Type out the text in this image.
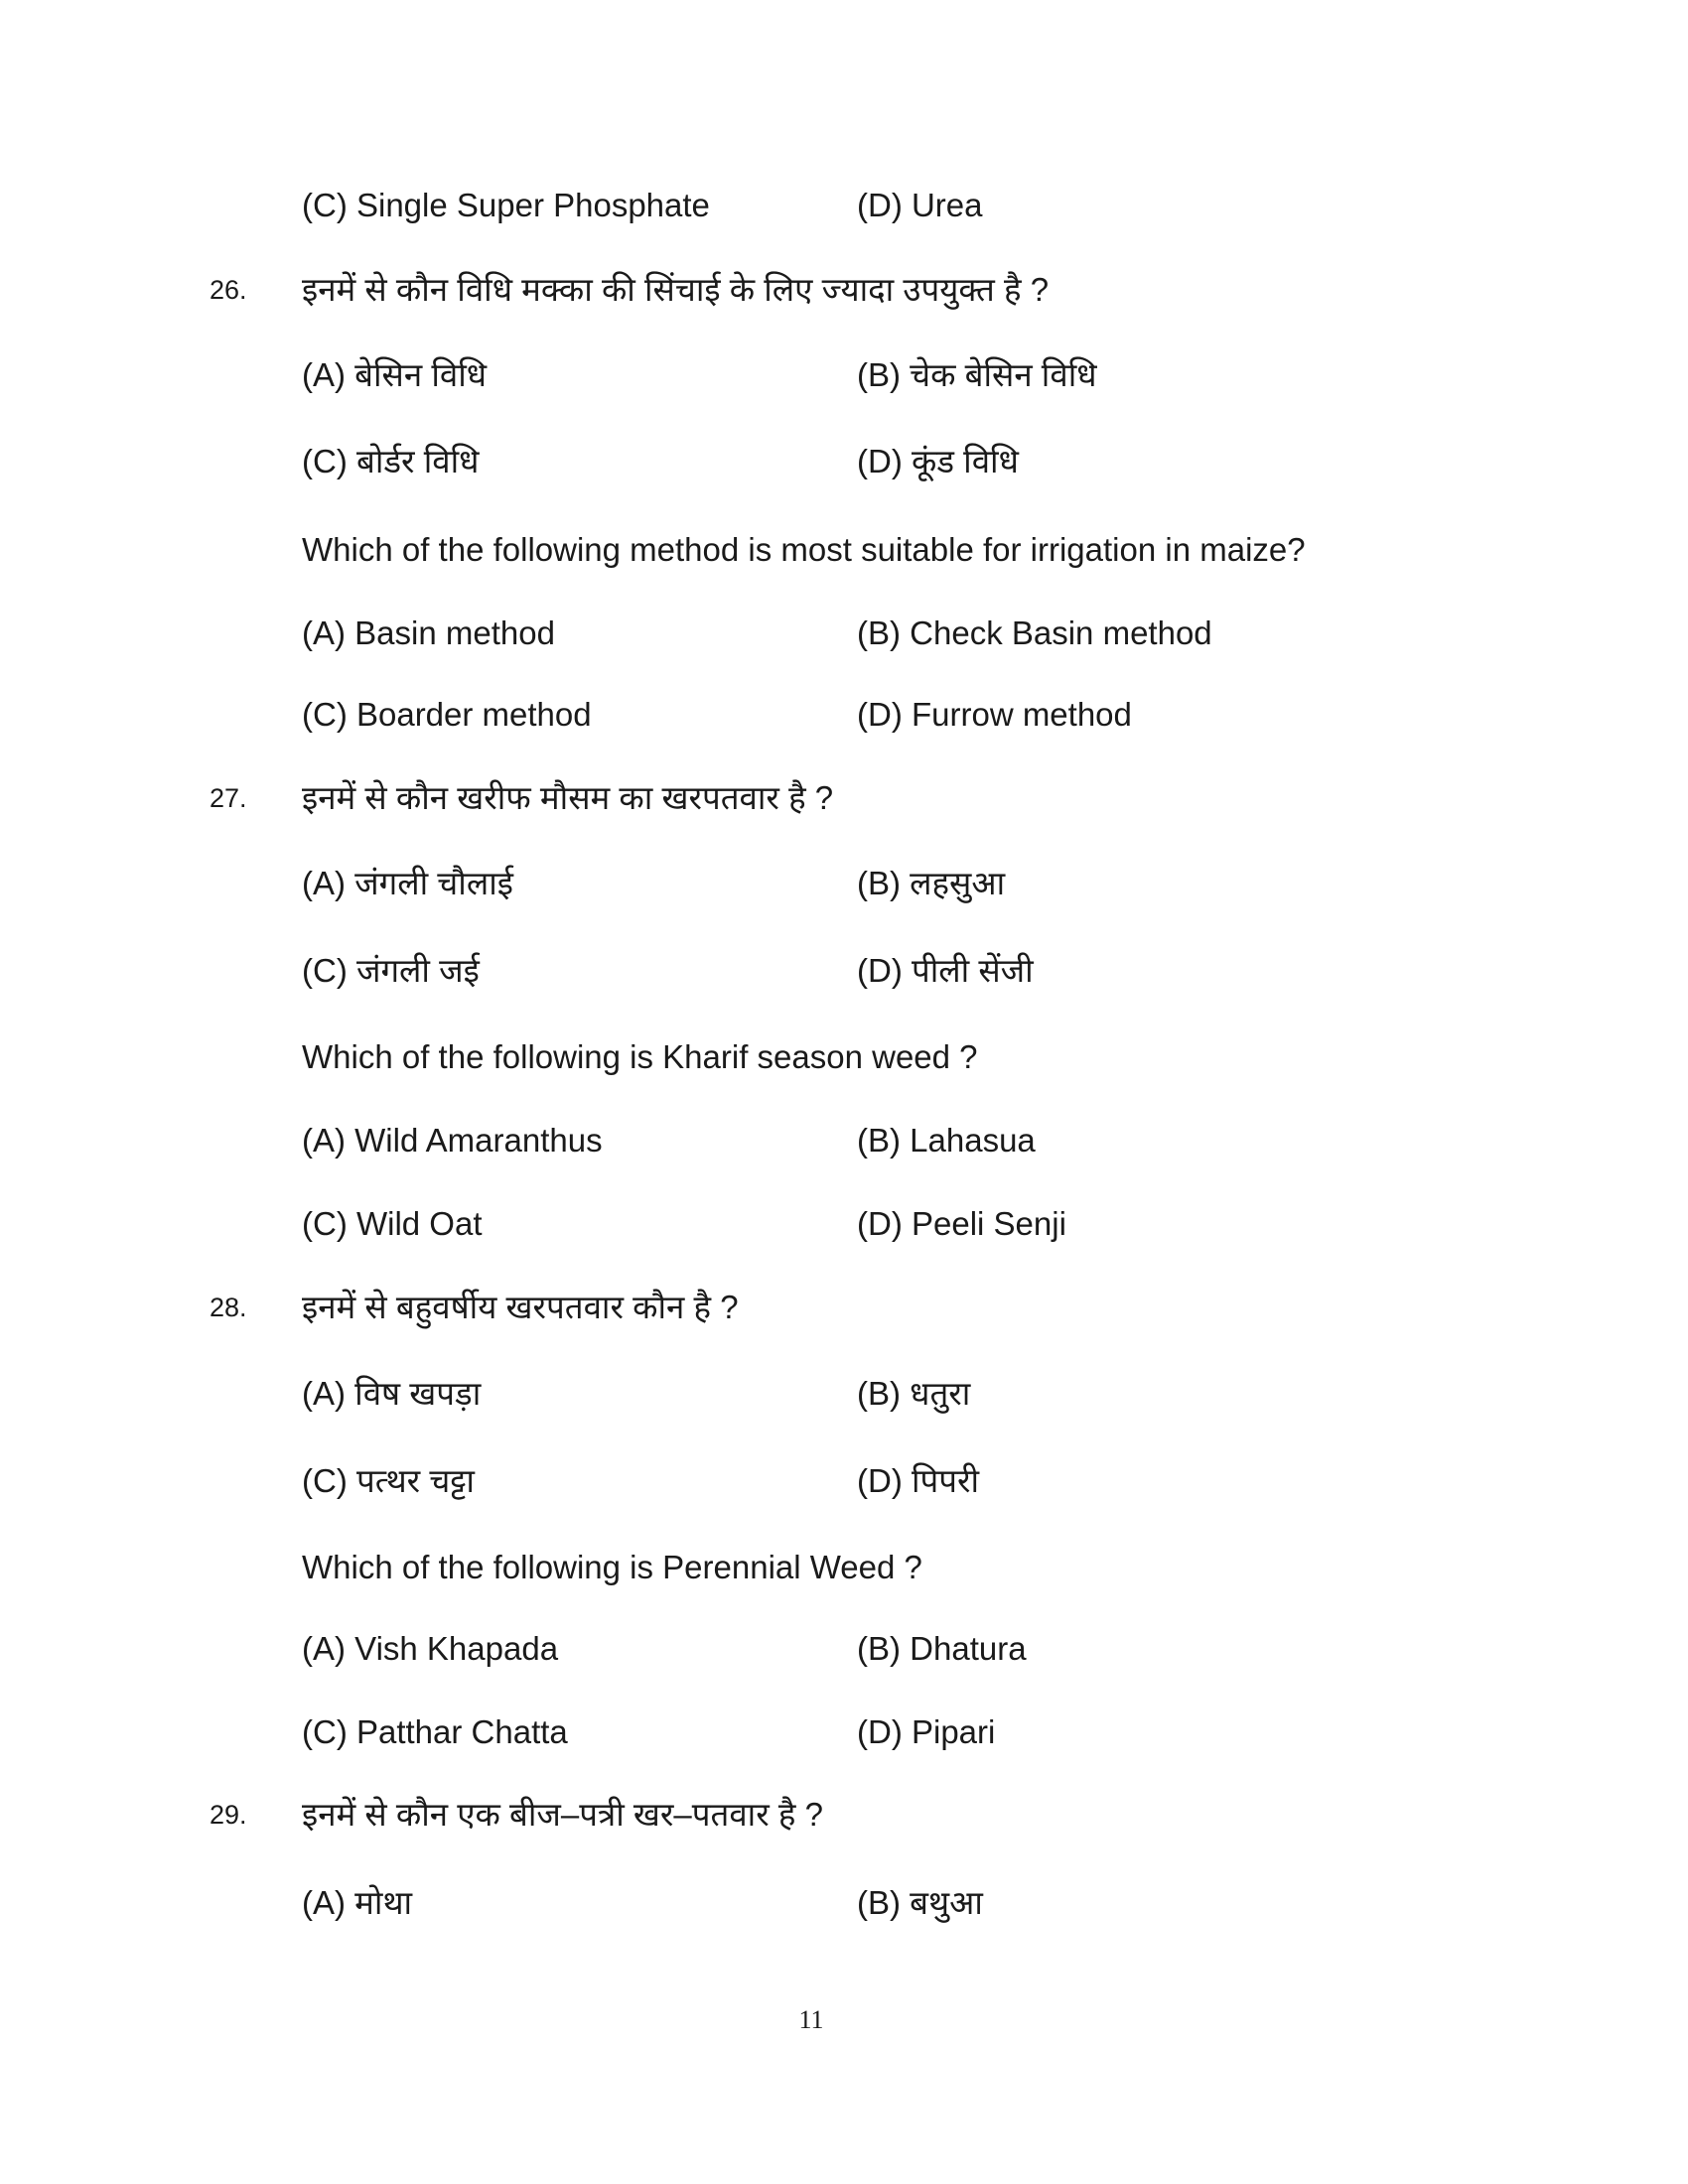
(C) Single Super Phosphate	(D) Urea
26. इनमें से कौन विधि मक्का की सिंचाई के लिए ज्यादा उपयुक्त है ?
(A) बेसिन विधि	(B) चेक बेसिन विधि
(C) बोर्डर विधि	(D) कूंड विधि
Which of the following method is most suitable for irrigation in maize?
(A) Basin method	(B) Check Basin method
(C) Boarder method	(D) Furrow method
27. इनमें से कौन खरीफ मौसम का खरपतवार है ?
(A) जंगली चौलाई	(B) लहसुआ
(C) जंगली जई	(D) पीली सेंजी
Which of the following is Kharif season weed ?
(A) Wild Amaranthus	(B) Lahasua
(C) Wild Oat	(D) Peeli Senji
28. इनमें से बहुवर्षीय खरपतवार कौन है ?
(A) विष खपड़ा	(B) धतुरा
(C) पत्थर चट्टा	(D) पिपरी
Which of the following is Perennial Weed ?
(A) Vish Khapada	(B) Dhatura
(C) Patthar Chatta	(D) Pipari
29. इनमें से कौन एक बीज–पत्री खर–पतवार है ?
(A) मोथा	(B) बथुआ
11
